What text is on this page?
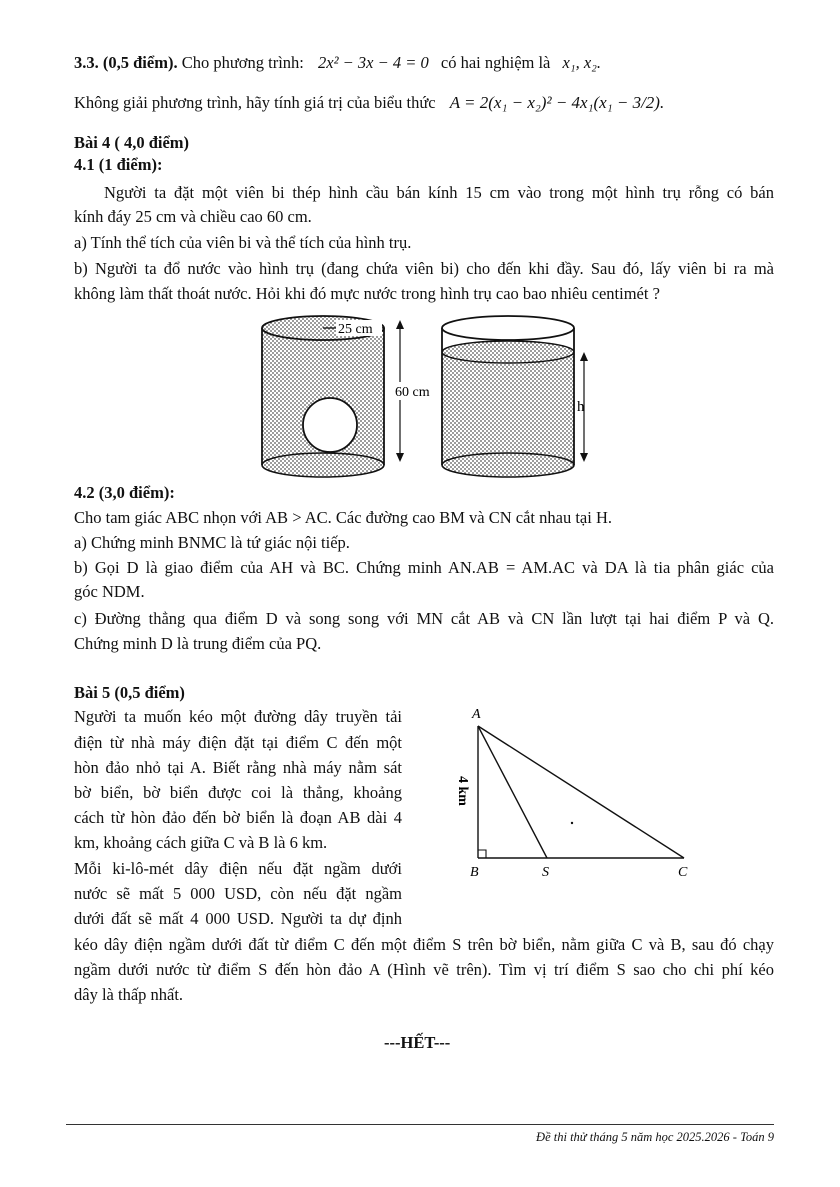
3.3. (0,5 điểm). Cho phương trình: 2x² − 3x − 4 = 0 có hai nghiệm là x₁, x₂.
Không giải phương trình, hãy tính giá trị của biểu thức A = 2(x₁ − x₂)² − 4x₁(x₁ − 3/2).
Bài 4 ( 4,0 điểm)
4.1 (1 điểm):
Người ta đặt một viên bi thép hình cầu bán kính 15 cm vào trong một hình trụ rỗng có bán
kính đáy 25 cm và chiều cao 60 cm.
a) Tính thể tích của viên bi và thể tích của hình trụ.
b) Người ta đổ nước vào hình trụ (đang chứa viên bi) cho đến khi đầy. Sau đó, lấy viên bi ra mà
không làm thất thoát nước. Hỏi khi đó mực nước trong hình trụ cao bao nhiêu centimét ?
25 cm
60 cm
h
4.2 (3,0 điểm):
Cho tam giác ABC nhọn với AB > AC. Các đường cao BM và CN cắt nhau tại H.
a) Chứng minh BNMC là tứ giác nội tiếp.
b) Gọi D là giao điểm của AH và BC. Chứng minh AN.AB = AM.AC và DA là tia phân giác của
góc NDM.
c) Đường thẳng qua điểm D và song song với MN cắt AB và CN lần lượt tại hai điểm P và Q.
Chứng minh D là trung điểm của PQ.
Bài 5 (0,5 điểm)
Người ta muốn kéo một đường dây truyền tải
điện từ nhà máy điện đặt tại điểm C đến một
hòn đảo nhỏ tại A. Biết rằng nhà máy nằm sát
bờ biển, bờ biển được coi là thẳng, khoảng
cách từ hòn đảo đến bờ biển là đoạn AB dài 4
km, khoảng cách giữa C và B là 6 km.
Mỗi ki-lô-mét dây điện nếu đặt ngầm dưới
nước sẽ mất 5 000 USD, còn nếu đặt ngầm
dưới đất sẽ mất 4 000 USD. Người ta dự định
kéo dây điện ngầm dưới đất từ điểm C đến một điểm S trên bờ biển, nằm giữa C và B, sau đó chạy
ngầm dưới nước từ điểm S đến hòn đảo A (Hình vẽ trên). Tìm vị trí điểm S sao cho chi phí kéo
dây là thấp nhất.
A
B	S	C
4 km
---HẾT---
Đề thi thử tháng 5 năm học 2025.2026 - Toán 9
